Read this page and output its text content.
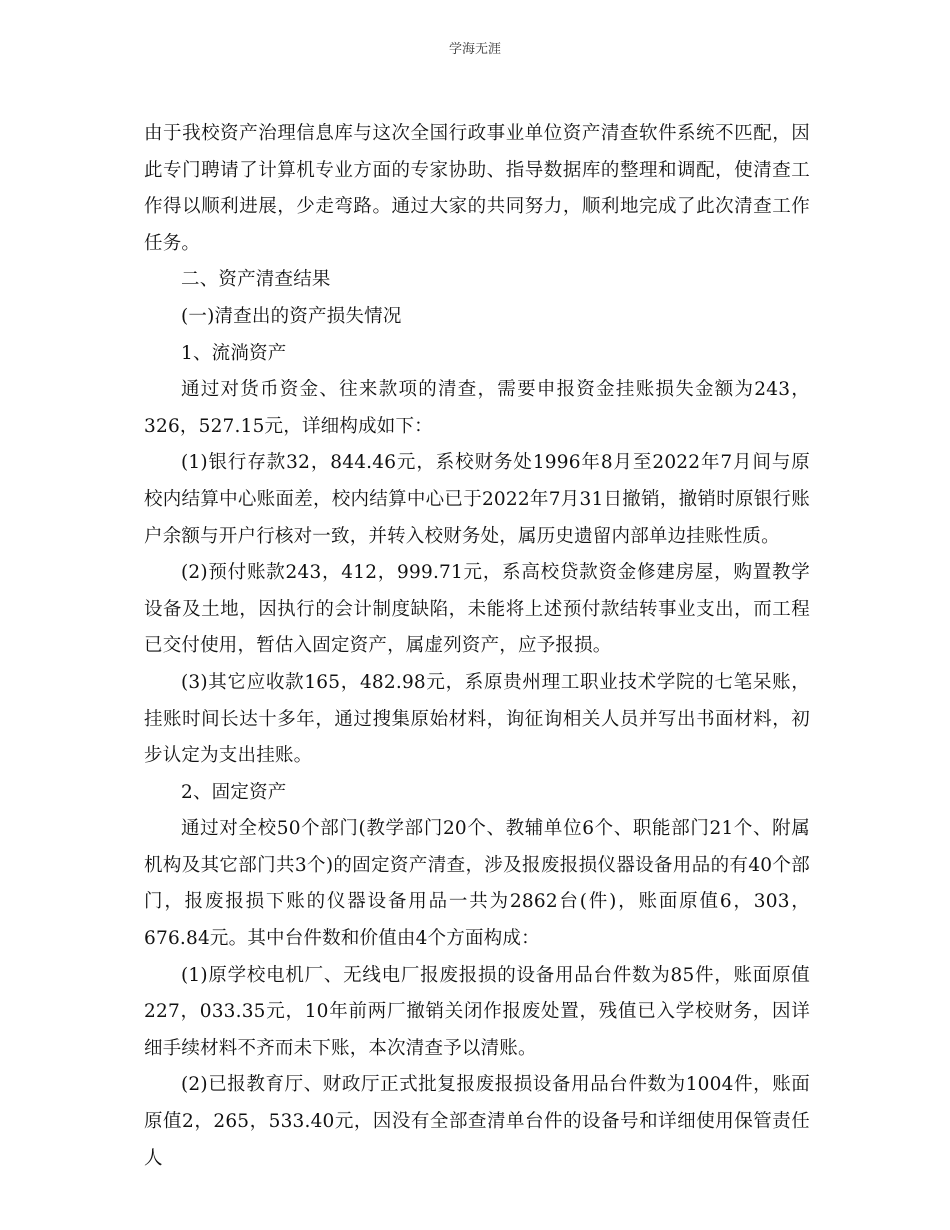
学海无涯

由于我校资产治理信息库与这次全国行政事业单位资产清查软件系统不匹配，因此专门聘请了计算机专业方面的专家协助、指导数据库的整理和调配，使清查工作得以顺利进展，少走弯路。通过大家的共同努力，顺利地完成了此次清查工作任务。

二、资产清查结果

(一)清查出的资产损失情况

1、流淌资产

通过对货币资金、往来款项的清查，需要申报资金挂账损失金额为243，326，527.15元，详细构成如下：

(1)银行存款32，844.46元，系校财务处1996年8月至2022年7月间与原校内结算中心账面差，校内结算中心已于2022年7月31日撤销，撤销时原银行账户余额与开户行核对一致，并转入校财务处，属历史遗留内部单边挂账性质。

(2)预付账款243，412，999.71元，系高校贷款资金修建房屋，购置教学设备及土地，因执行的会计制度缺陷，未能将上述预付款结转事业支出，而工程已交付使用，暂估入固定资产，属虚列资产，应予报损。

(3)其它应收款165，482.98元，系原贵州理工职业技术学院的七笔呆账，挂账时间长达十多年，通过搜集原始材料，询征询相关人员并写出书面材料，初步认定为支出挂账。

2、固定资产

通过对全校50个部门(教学部门20个、教辅单位6个、职能部门21个、附属机构及其它部门共3个)的固定资产清查，涉及报废报损仪器设备用品的有40个部门，报废报损下账的仪器设备用品一共为2862台(件)，账面原值6，303，676.84元。其中台件数和价值由4个方面构成：

(1)原学校电机厂、无线电厂报废报损的设备用品台件数为85件，账面原值227，033.35元，10年前两厂撤销关闭作报废处置，残值已入学校财务，因详细手续材料不齐而未下账，本次清查予以清账。

(2)已报教育厅、财政厅正式批复报废报损设备用品台件数为1004件，账面原值2，265，533.40元，因没有全部查清单台件的设备号和详细使用保管责任人
